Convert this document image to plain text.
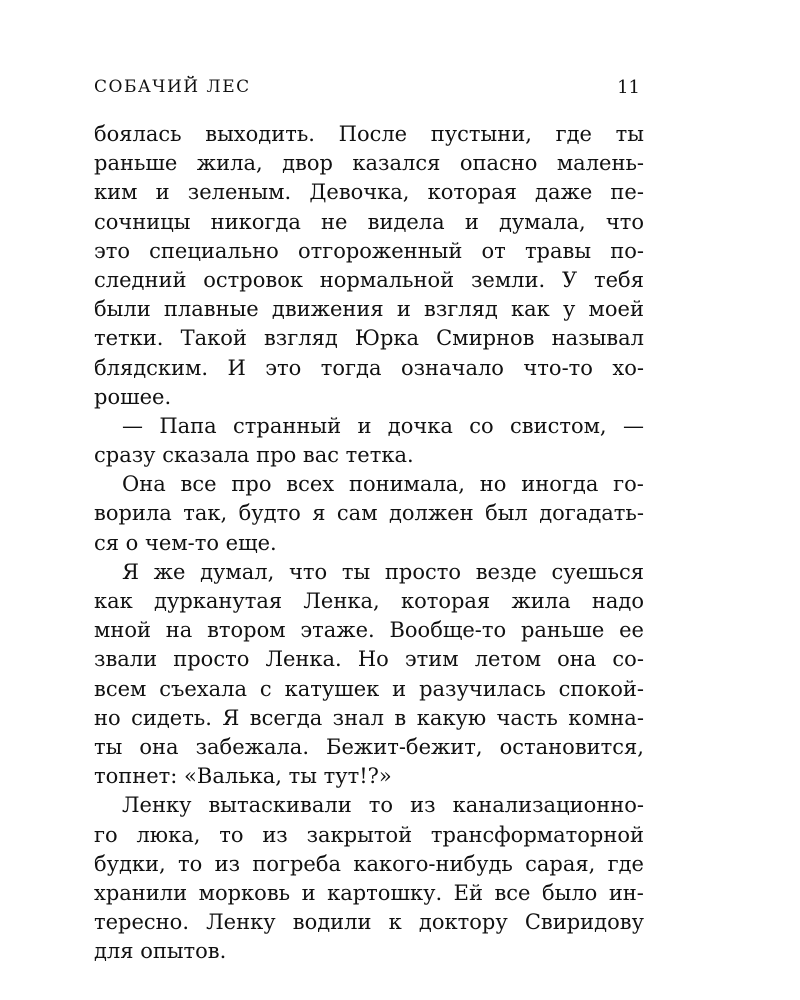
СОБАЧИЙ ЛЕС	11
боялась выходить. После пустыни, где ты
раньше жила, двор казался опасно малень-
ким и зеленым. Девочка, которая даже пе-
сочницы никогда не видела и думала, что
это специально отгороженный от травы по-
следний островок нормальной земли. У тебя
были плавные движения и взгляд как у моей
тетки. Такой взгляд Юрка Смирнов называл
блядским. И это тогда означало что-то хо-
рошее.
— Папа странный и дочка со свистом, —
сразу сказала про вас тетка.
Она все про всех понимала, но иногда го-
ворила так, будто я сам должен был догадать-
ся о чем-то еще.
Я же думал, что ты просто везде суешься
как дурканутая Ленка, которая жила надо
мной на втором этаже. Вообще-то раньше ее
звали просто Ленка. Но этим летом она со-
всем съехала с катушек и разучилась спокой-
но сидеть. Я всегда знал в какую часть комна-
ты она забежала. Бежит-бежит, остановится,
топнет: «Валька, ты тут!?»
Ленку вытаскивали то из канализационно-
го люка, то из закрытой трансформаторной
будки, то из погреба какого-нибудь сарая, где
хранили морковь и картошку. Ей все было ин-
тересно. Ленку водили к доктору Свиридову
для опытов.
